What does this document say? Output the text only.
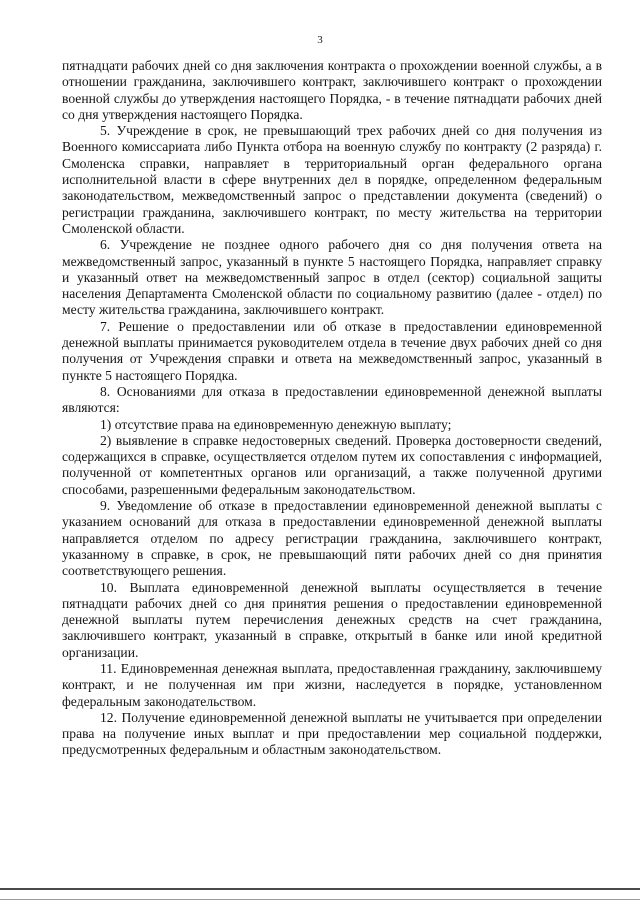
3

пятнадцати рабочих дней со дня заключения контракта о прохождении военной службы, а в отношении гражданина, заключившего контракт, заключившего контракт о прохождении военной службы до утверждения настоящего Порядка, - в течение пятнадцати рабочих дней со дня утверждения настоящего Порядка.

5. Учреждение в срок, не превышающий трех рабочих дней со дня получения из Военного комиссариата либо Пункта отбора на военную службу по контракту (2 разряда) г. Смоленска справки, направляет в территориальный орган федерального органа исполнительной власти в сфере внутренних дел в порядке, определенном федеральным законодательством, межведомственный запрос о представлении документа (сведений) о регистрации гражданина, заключившего контракт, по месту жительства на территории Смоленской области.

6. Учреждение не позднее одного рабочего дня со дня получения ответа на межведомственный запрос, указанный в пункте 5 настоящего Порядка, направляет справку и указанный ответ на межведомственный запрос в отдел (сектор) социальной защиты населения Департамента Смоленской области по социальному развитию (далее - отдел) по месту жительства гражданина, заключившего контракт.

7. Решение о предоставлении или об отказе в предоставлении единовременной денежной выплаты принимается руководителем отдела в течение двух рабочих дней со дня получения от Учреждения справки и ответа на межведомственный запрос, указанный в пункте 5 настоящего Порядка.

8. Основаниями для отказа в предоставлении единовременной денежной выплаты являются:

1) отсутствие права на единовременную денежную выплату;

2) выявление в справке недостоверных сведений. Проверка достоверности сведений, содержащихся в справке, осуществляется отделом путем их сопоставления с информацией, полученной от компетентных органов или организаций, а также полученной другими способами, разрешенными федеральным законодательством.

9. Уведомление об отказе в предоставлении единовременной денежной выплаты с указанием оснований для отказа в предоставлении единовременной денежной выплаты направляется отделом по адресу регистрации гражданина, заключившего контракт, указанному в справке, в срок, не превышающий пяти рабочих дней со дня принятия соответствующего решения.

10. Выплата единовременной денежной выплаты осуществляется в течение пятнадцати рабочих дней со дня принятия решения о предоставлении единовременной денежной выплаты путем перечисления денежных средств на счет гражданина, заключившего контракт, указанный в справке, открытый в банке или иной кредитной организации.

11. Единовременная денежная выплата, предоставленная гражданину, заключившему контракт, и не полученная им при жизни, наследуется в порядке, установленном федеральным законодательством.

12. Получение единовременной денежной выплаты не учитывается при определении права на получение иных выплат и при предоставлении мер социальной поддержки, предусмотренных федеральным и областным законодательством.
